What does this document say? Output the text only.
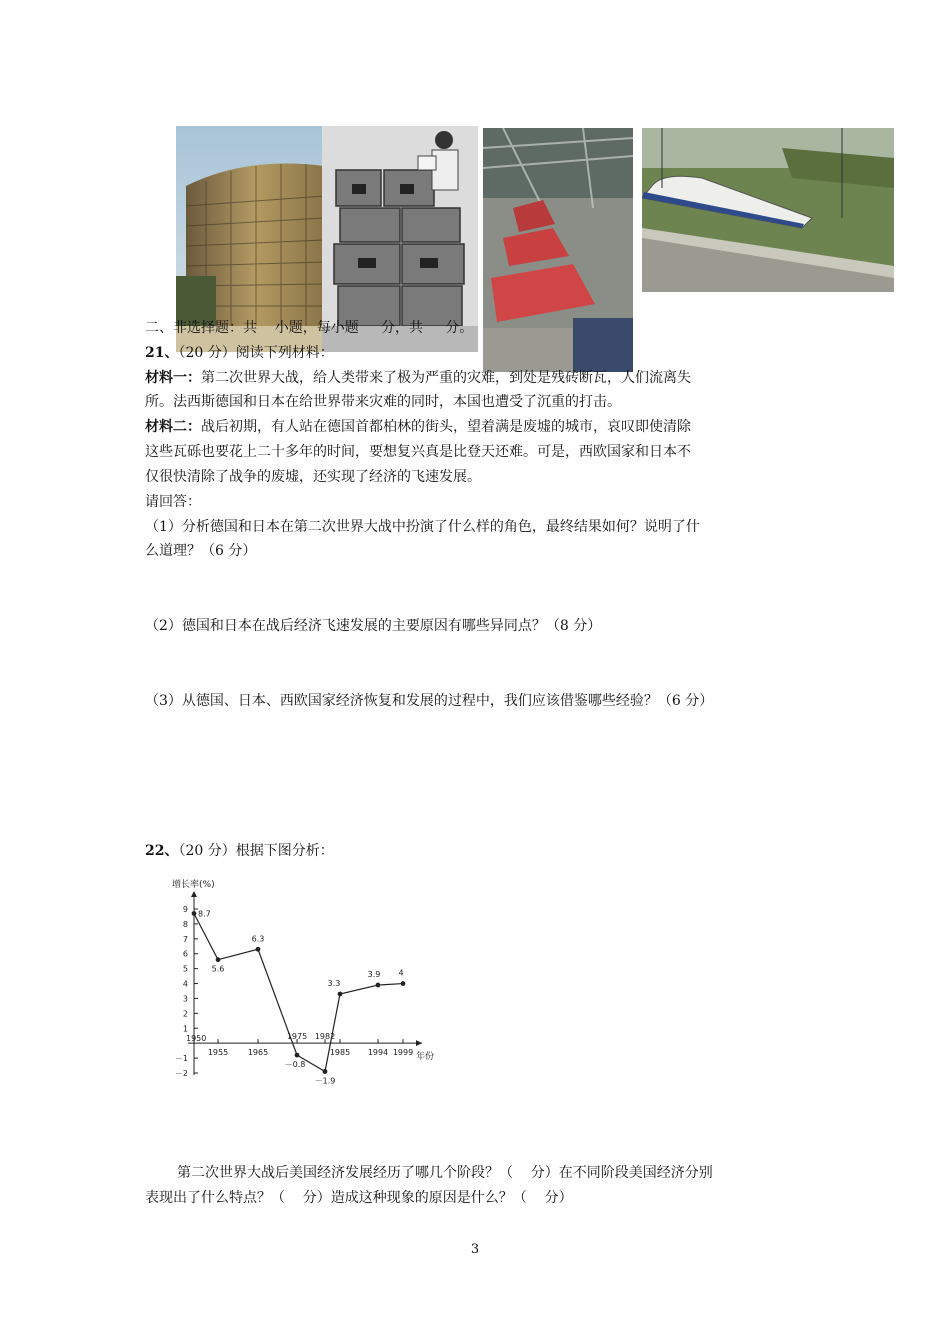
二、非选择题：共    小题，每小题     分，共     分。
21、（20 分）阅读下列材料：
材料一：第二次世界大战，给人类带来了极为严重的灾难，到处是残砖断瓦，人们流离失
所。法西斯德国和日本在给世界带来灾难的同时，本国也遭受了沉重的打击。
材料二：战后初期，有人站在德国首都柏林的街头，望着满是废墟的城市，哀叹即使清除
这些瓦砾也要花上二十多年的时间，要想复兴真是比登天还难。可是，西欧国家和日本不
仅很快清除了战争的废墟，还实现了经济的飞速发展。
请回答：
（1）分析德国和日本在第二次世界大战中扮演了什么样的角色，最终结果如何？说明了什
么道理？（6 分）
（2）德国和日本在战后经济飞速发展的主要原因有哪些异同点？（8 分）
（3）从德国、日本、西欧国家经济恢复和发展的过程中，我们应该借鉴哪些经验？（6 分）
22、（20 分）根据下图分析：
增长率(%)
年份
9
8
7
6
5
4
3
2
1
－1
－2
1950
1955 1965
1975 1982
1985 1994 1999
8.7
5.6
6.3
－0.8
－1.9
3.3
3.9 4
第二次世界大战后美国经济发展经历了哪几个阶段？（    分）在不同阶段美国经济分别
表现出了什么特点？（    分）造成这种现象的原因是什么？（    分）
3
